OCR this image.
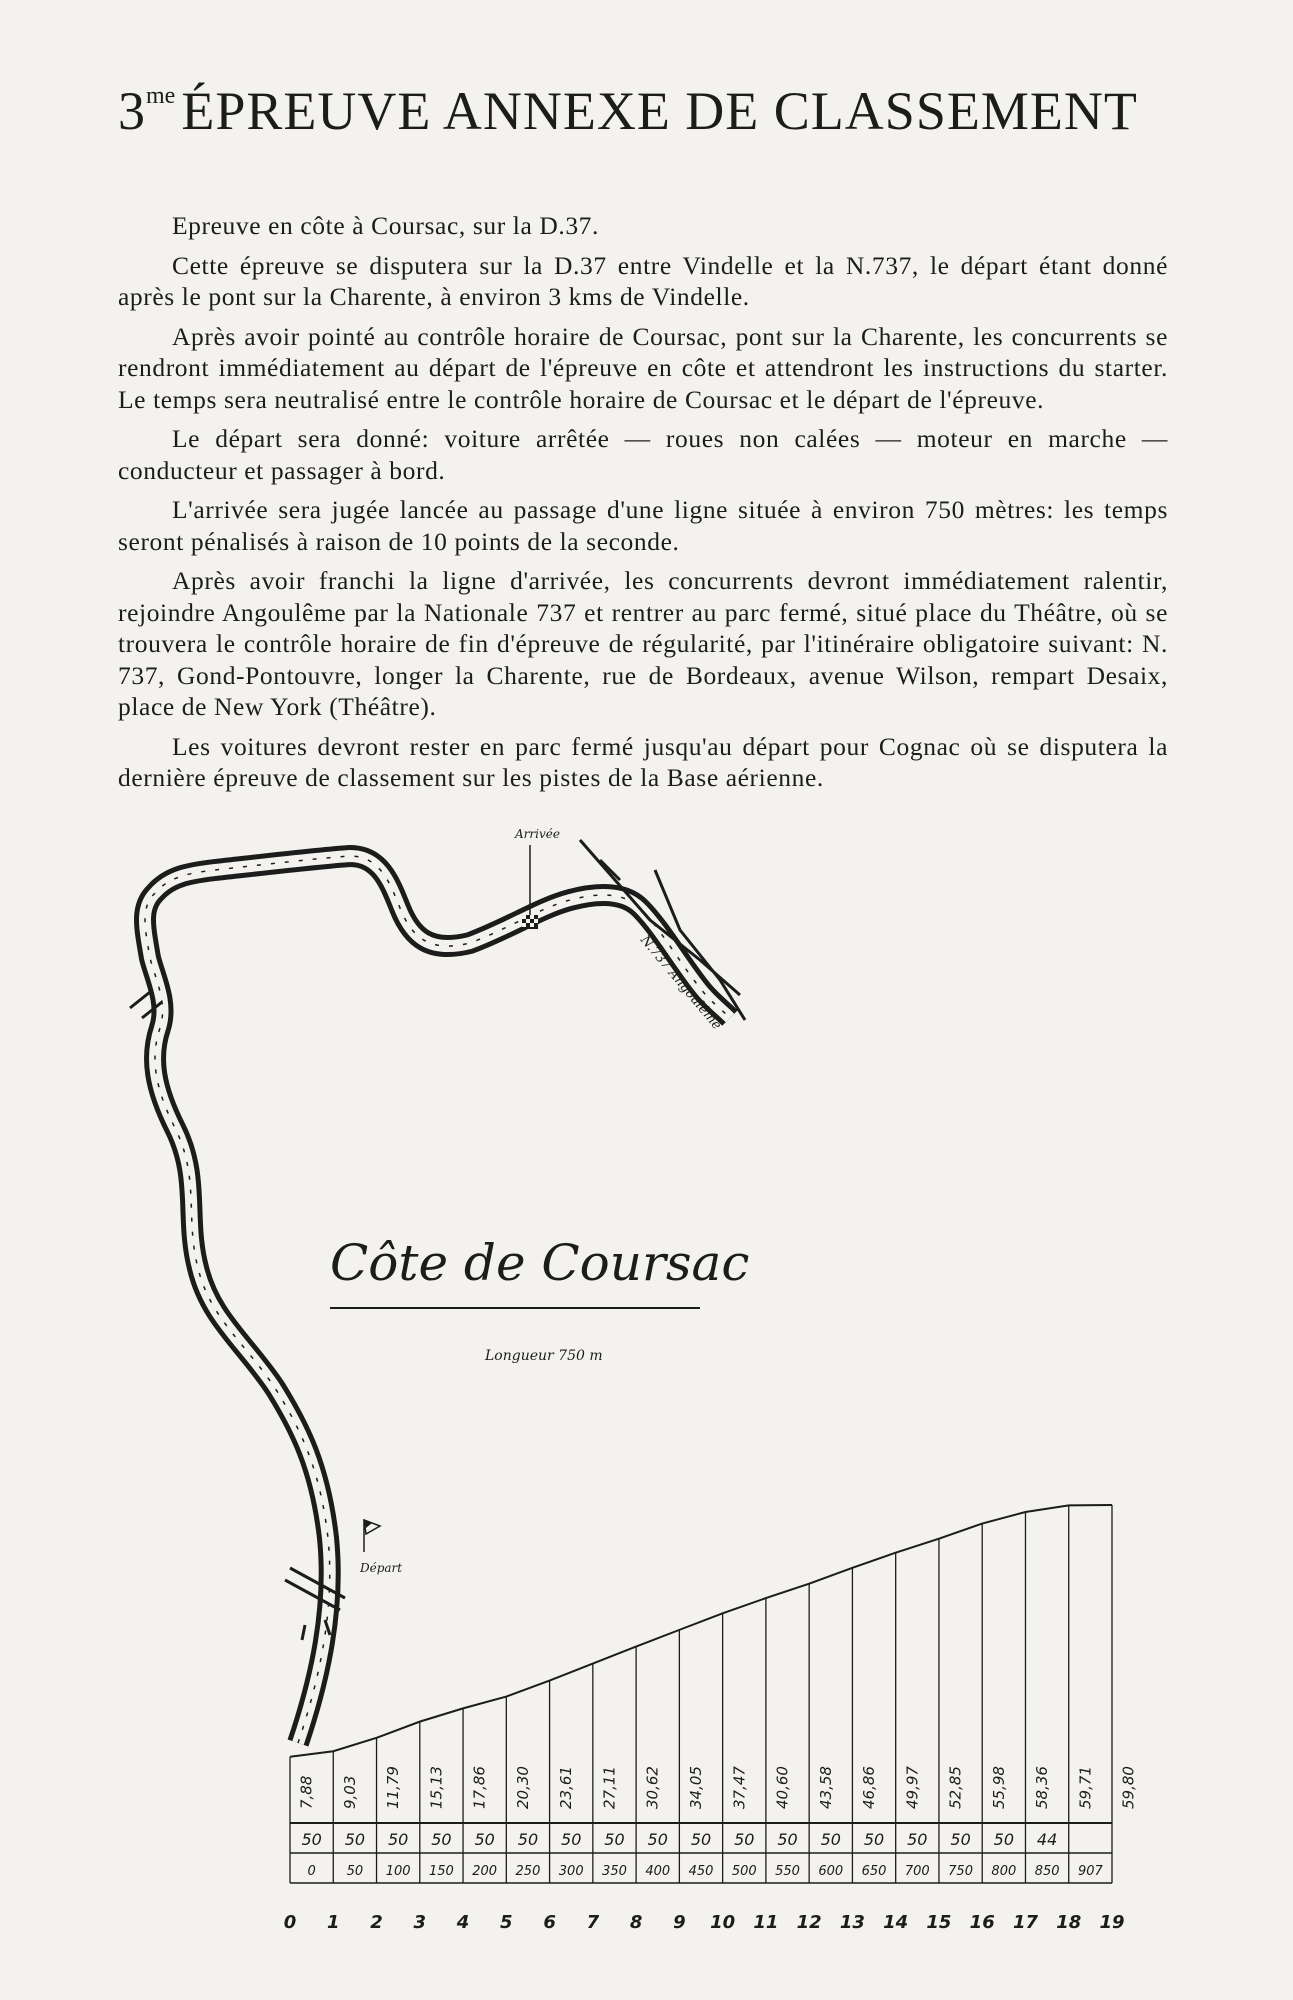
$3^{me}$ ÉPREUVE ANNEXE DE CLASSEMENT

Epreuve en côte à Coursac, sur la D.37.

Cette épreuve se disputera sur la D.37 entre Vindelle et la N.737, le départ étant donné après le pont sur la Charente, à environ 3 kms de Vindelle.

Après avoir pointé au contrôle horaire de Coursac, pont sur la Charente, les concurrents se rendront immédiatement au départ de l'épreuve en côte et attendront les instructions du starter. Le temps sera neutralisé entre le contrôle horaire de Coursac et le départ de l'épreuve.

Le départ sera donné: voiture arrêtée — roues non calées — moteur en marche — conducteur et passager à bord.

L'arrivée sera jugée lancée au passage d'une ligne située à environ 750 mètres: les temps seront pénalisés à raison de 10 points de la seconde.

Après avoir franchi la ligne d'arrivée, les concurrents devront immédiatement ralentir, rejoindre Angoulême par la Nationale 737 et rentrer au parc fermé, situé place du Théâtre, où se trouvera le contrôle horaire de fin d'épreuve de régularité, par l'itinéraire obligatoire suivant: N. 737, Gond-Pontouvre, longer la Charente, rue de Bordeaux, avenue Wilson, rempart Desaix, place de New York (Théâtre).

Les voitures devront rester en parc fermé jusqu'au départ pour Cognac où se disputera la dernière épreuve de classement sur les pistes de la Base aérienne.

N.737 Angoulême
Arrivée
Départ
Côte de Coursac
Longueur 750 m
7,88
0
9,03
1
11,79
2
15,13
3
17,86
4
20,30
5
23,61
6
27,11
7
30,62
8
34,05
9
37,47
10
40,60
11
43,58
12
46,86
13
49,97
14
52,85
15
55,98
16
58,36
17
59,71
18
59,80
19
50 50 50 50 50 50 50 50 50 50 50 50 50 50 50 50 50 44
0 50 100 150 200 250 300 350 400 450 500 550 600 650 700 750 800 850 907
